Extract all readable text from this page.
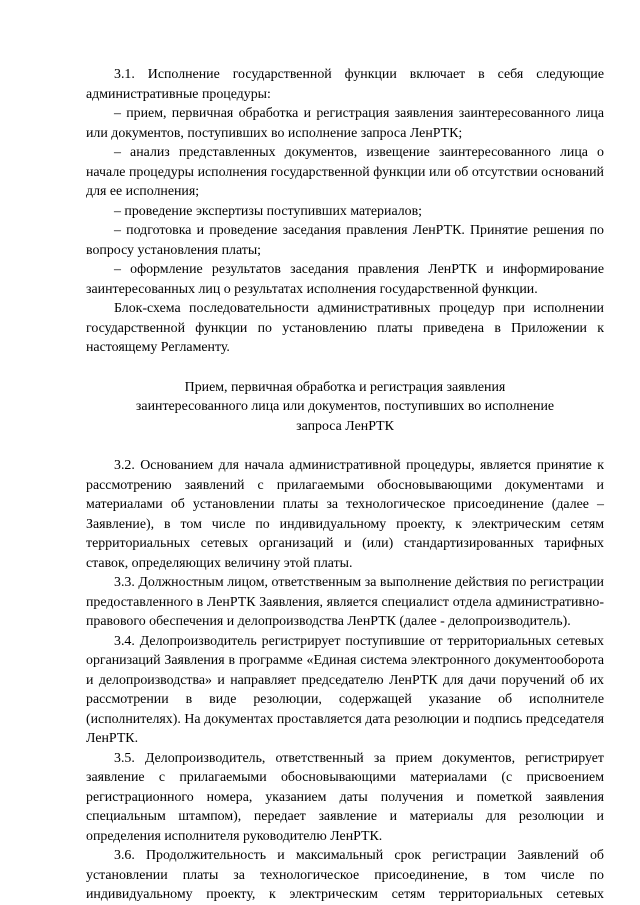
3.1. Исполнение государственной функции включает в себя следующие административные процедуры:

– прием, первичная обработка и регистрация заявления заинтересованного лица или документов, поступивших во исполнение запроса ЛенРТК;

– анализ представленных документов, извещение заинтересованного лица о начале процедуры исполнения государственной функции или об отсутствии оснований для ее исполнения;

– проведение экспертизы поступивших материалов;

– подготовка и проведение заседания правления ЛенРТК. Принятие решения по вопросу установления платы;

– оформление результатов заседания правления ЛенРТК и информирование заинтересованных лиц о результатах исполнения государственной функции.

Блок-схема последовательности административных процедур при исполнении государственной функции по установлению платы приведена в Приложении к настоящему Регламенту.

Прием, первичная обработка и регистрация заявления
заинтересованного лица или документов, поступивших во исполнение
запроса ЛенРТК

3.2. Основанием для начала административной процедуры, является принятие к рассмотрению заявлений с прилагаемыми обосновывающими документами и материалами об установлении платы за технологическое присоединение (далее – Заявление), в том числе по индивидуальному проекту, к электрическим сетям территориальных сетевых организаций и (или) стандартизированных тарифных ставок, определяющих величину этой платы.

3.3. Должностным лицом, ответственным за выполнение действия по регистрации предоставленного в ЛенРТК Заявления, является специалист отдела административно-правового обеспечения и делопроизводства ЛенРТК (далее - делопроизводитель).

3.4. Делопроизводитель регистрирует поступившие от территориальных сетевых организаций Заявления в программе «Единая система электронного документооборота и делопроизводства» и направляет председателю ЛенРТК для дачи поручений об их рассмотрении в виде резолюции, содержащей указание об исполнителе (исполнителях). На документах проставляется дата резолюции и подпись председателя ЛенРТК.

3.5. Делопроизводитель, ответственный за прием документов, регистрирует заявление с прилагаемыми обосновывающими материалами (с присвоением регистрационного номера, указанием даты получения и пометкой заявления специальным штампом), передает заявление и материалы для резолюции и определения исполнителя руководителю ЛенРТК.

3.6. Продолжительность и максимальный срок регистрации Заявлений об установлении платы за технологическое присоединение, в том числе по индивидуальному проекту, к электрическим сетям территориальных сетевых
